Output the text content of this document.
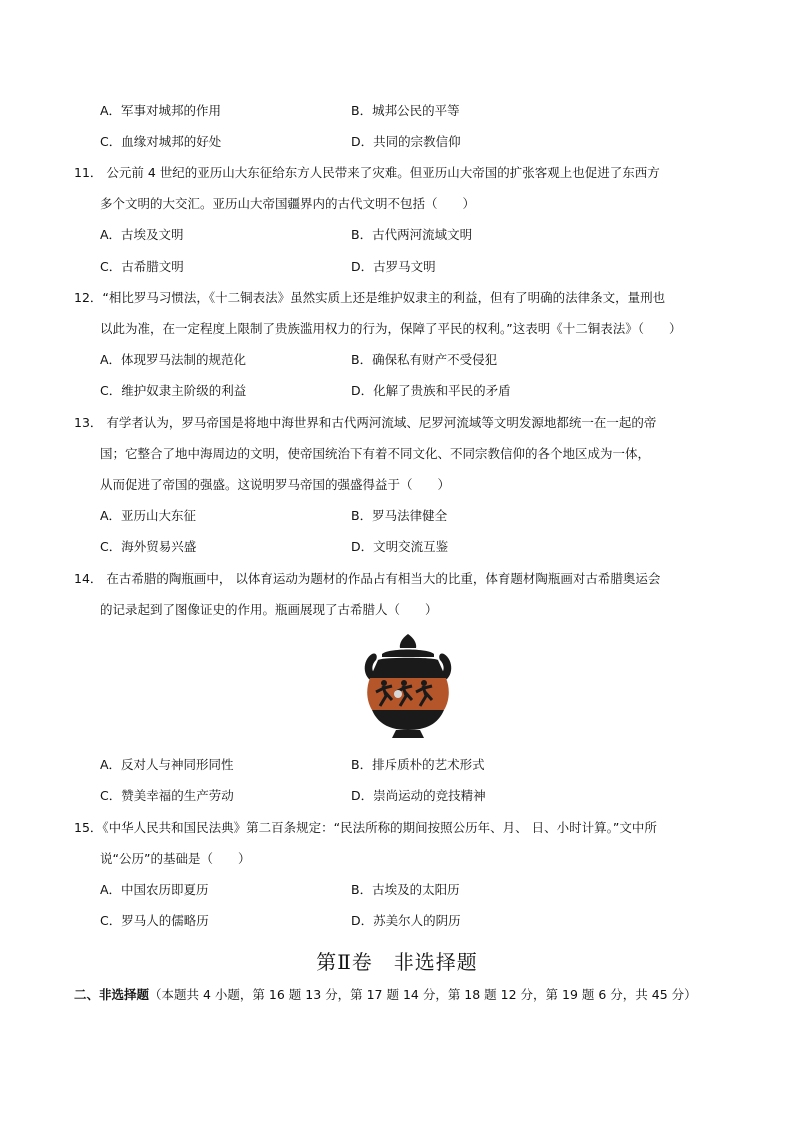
A．军事对城邦的作用	B．城邦公民的平等
C．血缘对城邦的好处	D．共同的宗教信仰
11． 公元前 4 世纪的亚历山大东征给东方人民带来了灾难。但亚历山大帝国的扩张客观上也促进了东西方
多个文明的大交汇。亚历山大帝国疆界内的古代文明不包括（　　）
A．古埃及文明	B．古代两河流域文明
C．古希腊文明	D．古罗马文明
12．“相比罗马习惯法，《十二铜表法》虽然实质上还是维护奴隶主的利益，但有了明确的法律条文，量刑也
以此为准，在一定程度上限制了贵族滥用权力的行为，保障了平民的权利。”这表明《十二铜表法》（　　）
A．体现罗马法制的规范化	B．确保私有财产不受侵犯
C．维护奴隶主阶级的利益	D．化解了贵族和平民的矛盾
13． 有学者认为，罗马帝国是将地中海世界和古代两河流域、尼罗河流域等文明发源地都统一在一起的帝
国；它整合了地中海周边的文明，使帝国统治下有着不同文化、不同宗教信仰的各个地区成为一体，
从而促进了帝国的强盛。这说明罗马帝国的强盛得益于（　　）
A．亚历山大东征	B．罗马法律健全
C．海外贸易兴盛	D．文明交流互鉴
14． 在古希腊的陶瓶画中， 以体育运动为题材的作品占有相当大的比重，体育题材陶瓶画对古希腊奥运会
的记录起到了图像证史的作用。瓶画展现了古希腊人（　　）
A．反对人与神同形同性	B．排斥质朴的艺术形式
C．赞美幸福的生产劳动	D．崇尚运动的竞技精神
15．《中华人民共和国民法典》第二百条规定：“民法所称的期间按照公历年、月、 日、小时计算。”文中所
说“公历”的基础是（　　）
A．中国农历即夏历	B．古埃及的太阳历
C．罗马人的儒略历	D．苏美尔人的阴历
第Ⅱ卷　非选择题
二、非选择题（本题共 4 小题，第 16 题 13 分，第 17 题 14 分，第 18 题 12 分，第 19 题 6 分，共 45 分）
